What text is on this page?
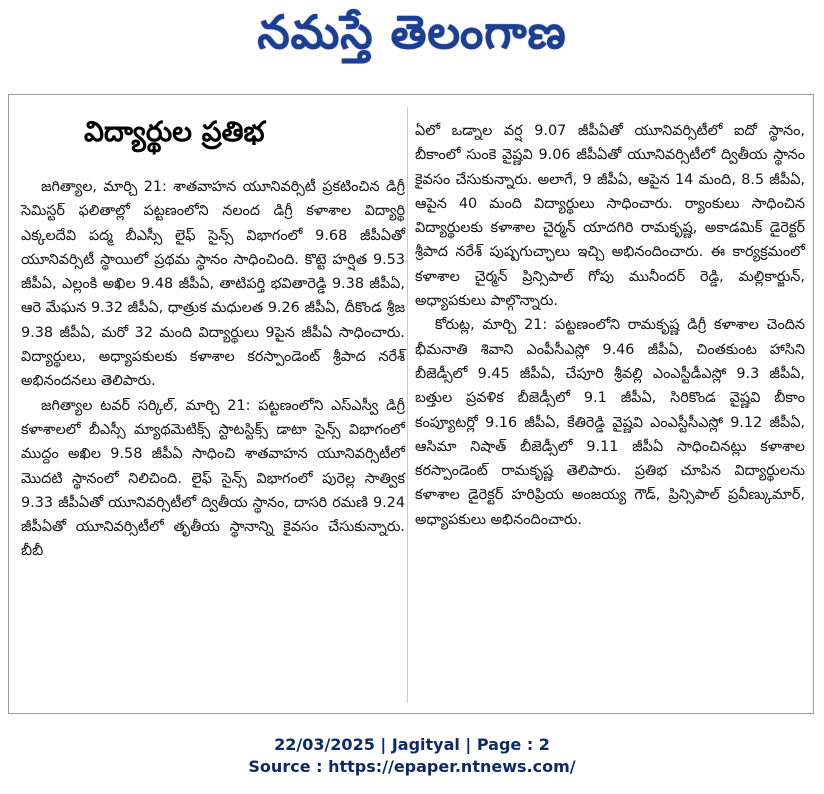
నమస్తే తెలంగాణ
విద్యార్థుల ప్రతిభ

జగిత్యాల, మార్చి 21: శాతవాహన యూనివర్సిటీ ప్రకటించిన డిగ్రీ సెమిస్టర్ ఫలితాల్లో పట్టణంలోని నలంద డిగ్రీ కళాశాల విద్యార్థి ఎక్కలదేవి పద్మ బీఎస్సీ లైఫ్ సైన్స్ విభాగంలో 9.68 జీపీఏతో యూనివర్సిటీ స్థాయిలో ప్రథమ స్థానం సాధించింది. కొట్టె హర్షిత 9.53 జీపీఏ, ఎల్లంకి అఖిల 9.48 జీపీఏ, తాటిపర్తి భవితారెడ్డి 9.38 జీపీఏ, ఆరె మేఘన 9.32 జీపీఏ, ధాత్రుక మధులత 9.26 జీపీఏ, దీకొండ శ్రీజ 9.38 జీపీఏ, మరో 32 మంది విద్యార్థులు 9పైన జీపీఏ సాధించారు. విద్యార్థులు, అధ్యాపకులకు కళాశాల కరస్పాండెంట్ శ్రీపాద నరేశ్ అభినందనలు తెలిపారు.

జగిత్యాల టవర్ సర్కిల్, మార్చి 21: పట్టణంలోని ఎస్ఎస్వీ డిగ్రీ కళాశాలలో బీఎస్సీ మ్యాథమెటిక్స్ స్టాటస్టిక్స్ డాటా సైన్స్ విభాగంలో ముద్దం అఖిల 9.58 జీపీఏ సాధించి శాతవాహన యూనివర్సిటీలో మొదటి స్థానంలో నిలిచింది. లైఫ్ సైన్స్ విభాగంలో పురెల్ల సాత్విక 9.33 జీపీఏతో యూనివర్సిటీలో ద్వితీయ స్థానం, దాసరి రమణి 9.24 జీపీఏతో యూనివర్సిటీలో తృతీయ స్థానాన్ని కైవసం చేసుకున్నారు. బీబీ

ఏలో ఒడ్నాల వర్ష 9.07 జీపీఏతో యూనివర్సిటీలో ఐదో స్థానం, బీకాంలో సుంకె వైష్ణవి 9.06 జీపీఏతో యూనివర్సిటీలో ద్వితీయ స్థానం కైవసం చేసుకున్నారు. అలాగే, 9 జీపీఏ, ఆపైన 14 మంది, 8.5 జీపీఏ, ఆపైన 40 మంది విద్యార్థులు సాధించారు. ర్యాంకులు సాధించిన విద్యార్థులకు కళాశాల చైర్మన్ యాదగిరి రామకృష్ణ, అకాడమిక్ డైరెక్టర్ శ్రీపాద నరేశ్ పుష్పగుచ్ఛాలు ఇచ్చి అభినందించారు. ఈ కార్యక్రమంలో కళాశాల చైర్మన్ ప్రిన్సిపాల్ గోపు మునీందర్ రెడ్డి, మల్లికార్జున్, అధ్యాపకులు పాల్గొన్నారు.

కోరుట్ల, మార్చి 21: పట్టణంలోని రామకృష్ణ డిగ్రీ కళాశాల చెందిన భీమనాతి శివాని ఎంపీసీఎస్లో 9.46 జీపీఏ, చింతకుంట హాసిని బీజెడ్సీలో 9.45 జీపీఏ, చేపూరి శ్రీవల్లి ఎంఎస్టీడీఎస్లో 9.3 జీపీఏ, బత్తుల ప్రవళిక బీజెడ్సీలో 9.1 జీపీఏ, సిరికొండ వైష్ణవి బీకాం కంప్యూటర్లో 9.16 జీపీఏ, కేతిరెడ్డి వైష్ణవి ఎంఎస్టీసీఎస్లో 9.12 జీపీఏ, ఆసిమా నిషాత్ బీజెడ్సీలో 9.11 జీపీఏ సాధించినట్లు కళాశాల కరస్పాండెంట్ రామకృష్ణ తెలిపారు. ప్రతిభ చూపిన విద్యార్థులను కళాశాల డైరెక్టర్ హరిప్రియ అంజయ్య గౌడ్, ప్రిన్సిపాల్ ప్రవీణ్కుమార్, అధ్యాపకులు అభినందించారు.

22/03/2025 | Jagityal | Page : 2
Source : https://epaper.ntnews.com/
